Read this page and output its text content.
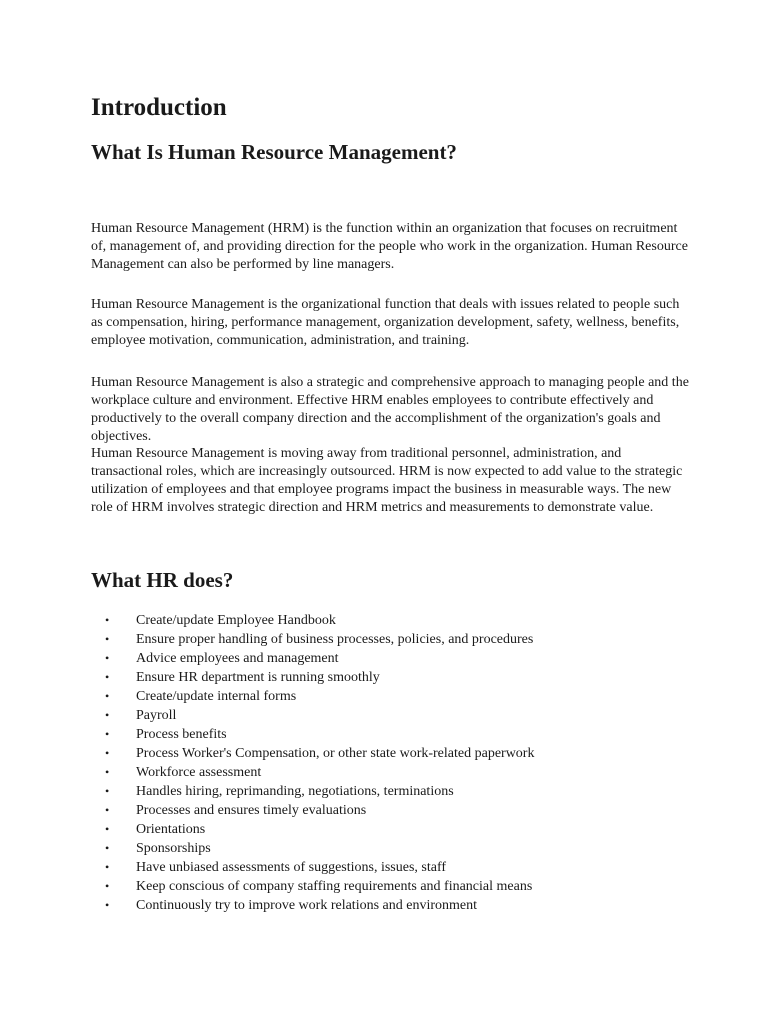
Introduction
What Is Human Resource Management?

Human Resource Management (HRM) is the function within an organization that focuses on recruitment of, management of, and providing direction for the people who work in the organization. Human Resource Management can also be performed by line managers.

Human Resource Management is the organizational function that deals with issues related to people such as compensation, hiring, performance management, organization development, safety, wellness, benefits, employee motivation, communication, administration, and training.

Human Resource Management is also a strategic and comprehensive approach to managing people and the workplace culture and environment. Effective HRM enables employees to contribute effectively and productively to the overall company direction and the accomplishment of the organization's goals and objectives.

Human Resource Management is moving away from traditional personnel, administration, and transactional roles, which are increasingly outsourced. HRM is now expected to add value to the strategic utilization of employees and that employee programs impact the business in measurable ways. The new role of HRM involves strategic direction and HRM metrics and measurements to demonstrate value.

What HR does?
• Create/update Employee Handbook
• Ensure proper handling of business processes, policies, and procedures
• Advice employees and management
• Ensure HR department is running smoothly
• Create/update internal forms
• Payroll
• Process benefits
• Process Worker's Compensation, or other state work-related paperwork
• Workforce assessment
• Handles hiring, reprimanding, negotiations, terminations
• Processes and ensures timely evaluations
• Orientations
• Sponsorships
• Have unbiased assessments of suggestions, issues, staff
• Keep conscious of company staffing requirements and financial means
• Continuously try to improve work relations and environment
